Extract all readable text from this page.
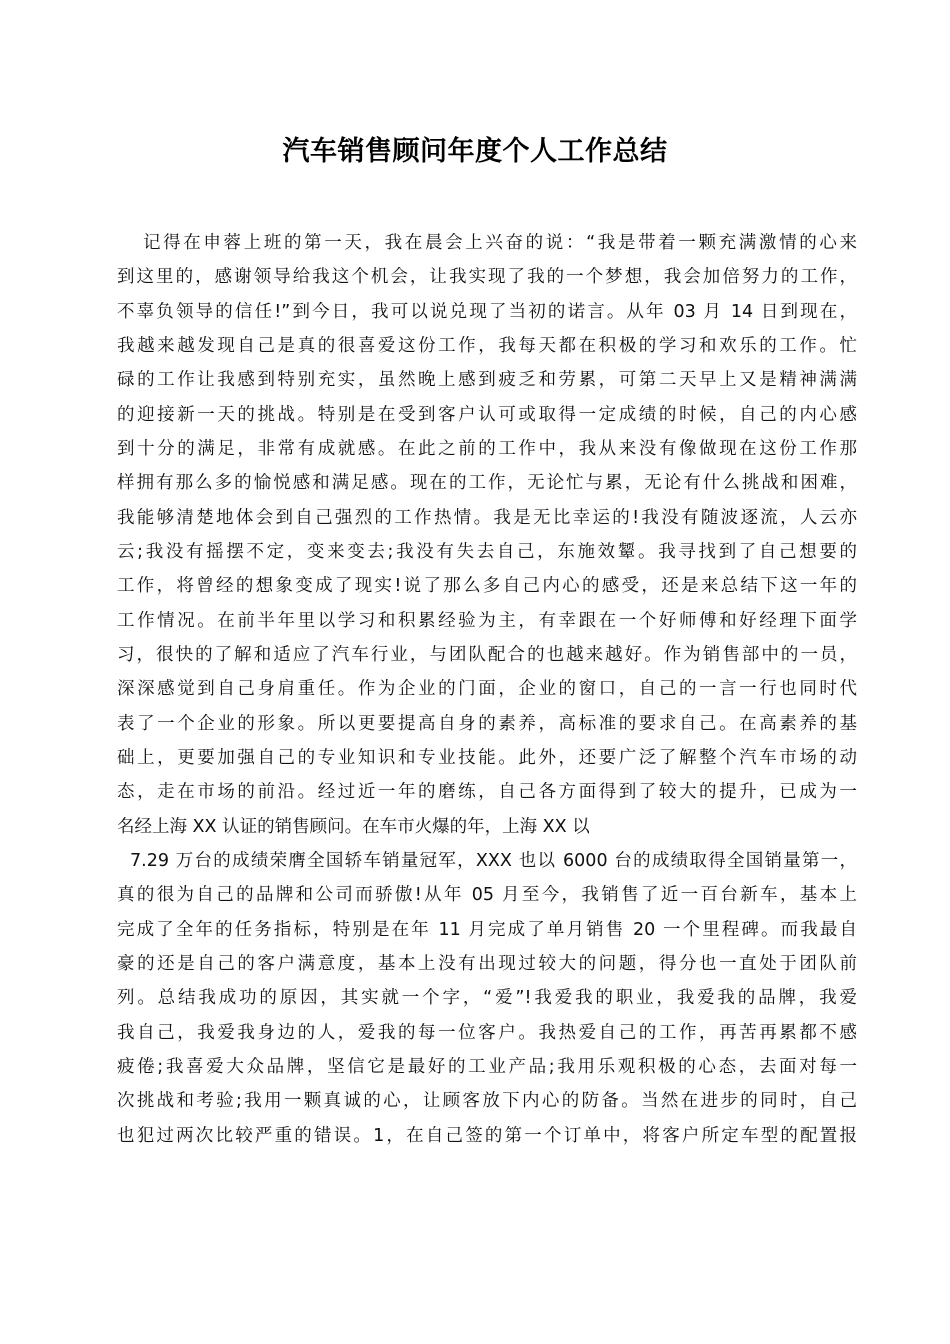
汽车销售顾问年度个人工作总结
记得在申蓉上班的第一天，我在晨会上兴奋的说：“我是带着一颗充满激情的心来
到这里的，感谢领导给我这个机会，让我实现了我的一个梦想，我会加倍努力的工作，
不辜负领导的信任!”到今日，我可以说兑现了当初的诺言。从年 03 月 14 日到现在，
我越来越发现自己是真的很喜爱这份工作，我每天都在积极的学习和欢乐的工作。忙
碌的工作让我感到特别充实，虽然晚上感到疲乏和劳累，可第二天早上又是精神满满
的迎接新一天的挑战。特别是在受到客户认可或取得一定成绩的时候，自己的内心感
到十分的满足，非常有成就感。在此之前的工作中，我从来没有像做现在这份工作那
样拥有那么多的愉悦感和满足感。现在的工作，无论忙与累，无论有什么挑战和困难，
我能够清楚地体会到自己强烈的工作热情。我是无比幸运的!我没有随波逐流，人云亦
云;我没有摇摆不定，变来变去;我没有失去自己，东施效颦。我寻找到了自己想要的
工作，将曾经的想象变成了现实!说了那么多自己内心的感受，还是来总结下这一年的
工作情况。在前半年里以学习和积累经验为主，有幸跟在一个好师傅和好经理下面学
习，很快的了解和适应了汽车行业，与团队配合的也越来越好。作为销售部中的一员，
深深感觉到自己身肩重任。作为企业的门面，企业的窗口，自己的一言一行也同时代
表了一个企业的形象。所以更要提高自身的素养，高标准的要求自己。在高素养的基
础上，更要加强自己的专业知识和专业技能。此外，还要广泛了解整个汽车市场的动
态，走在市场的前沿。经过近一年的磨练，自己各方面得到了较大的提升，已成为一
名经上海 XX 认证的销售顾问。在车市火爆的年，上海 XX 以
7.29 万台的成绩荣膺全国轿车销量冠军，XXX 也以 6000 台的成绩取得全国销量第一，
真的很为自己的品牌和公司而骄傲!从年 05 月至今，我销售了近一百台新车，基本上
完成了全年的任务指标，特别是在年 11 月完成了单月销售 20 一个里程碑。而我最自
豪的还是自己的客户满意度，基本上没有出现过较大的问题，得分也一直处于团队前
列。总结我成功的原因，其实就一个字，“爱”!我爱我的职业，我爱我的品牌，我爱
我自己，我爱我身边的人，爱我的每一位客户。我热爱自己的工作，再苦再累都不感
疲倦;我喜爱大众品牌，坚信它是最好的工业产品;我用乐观积极的心态，去面对每一
次挑战和考验;我用一颗真诚的心，让顾客放下内心的防备。当然在进步的同时，自己
也犯过两次比较严重的错误。1，在自己签的第一个订单中，将客户所定车型的配置报
